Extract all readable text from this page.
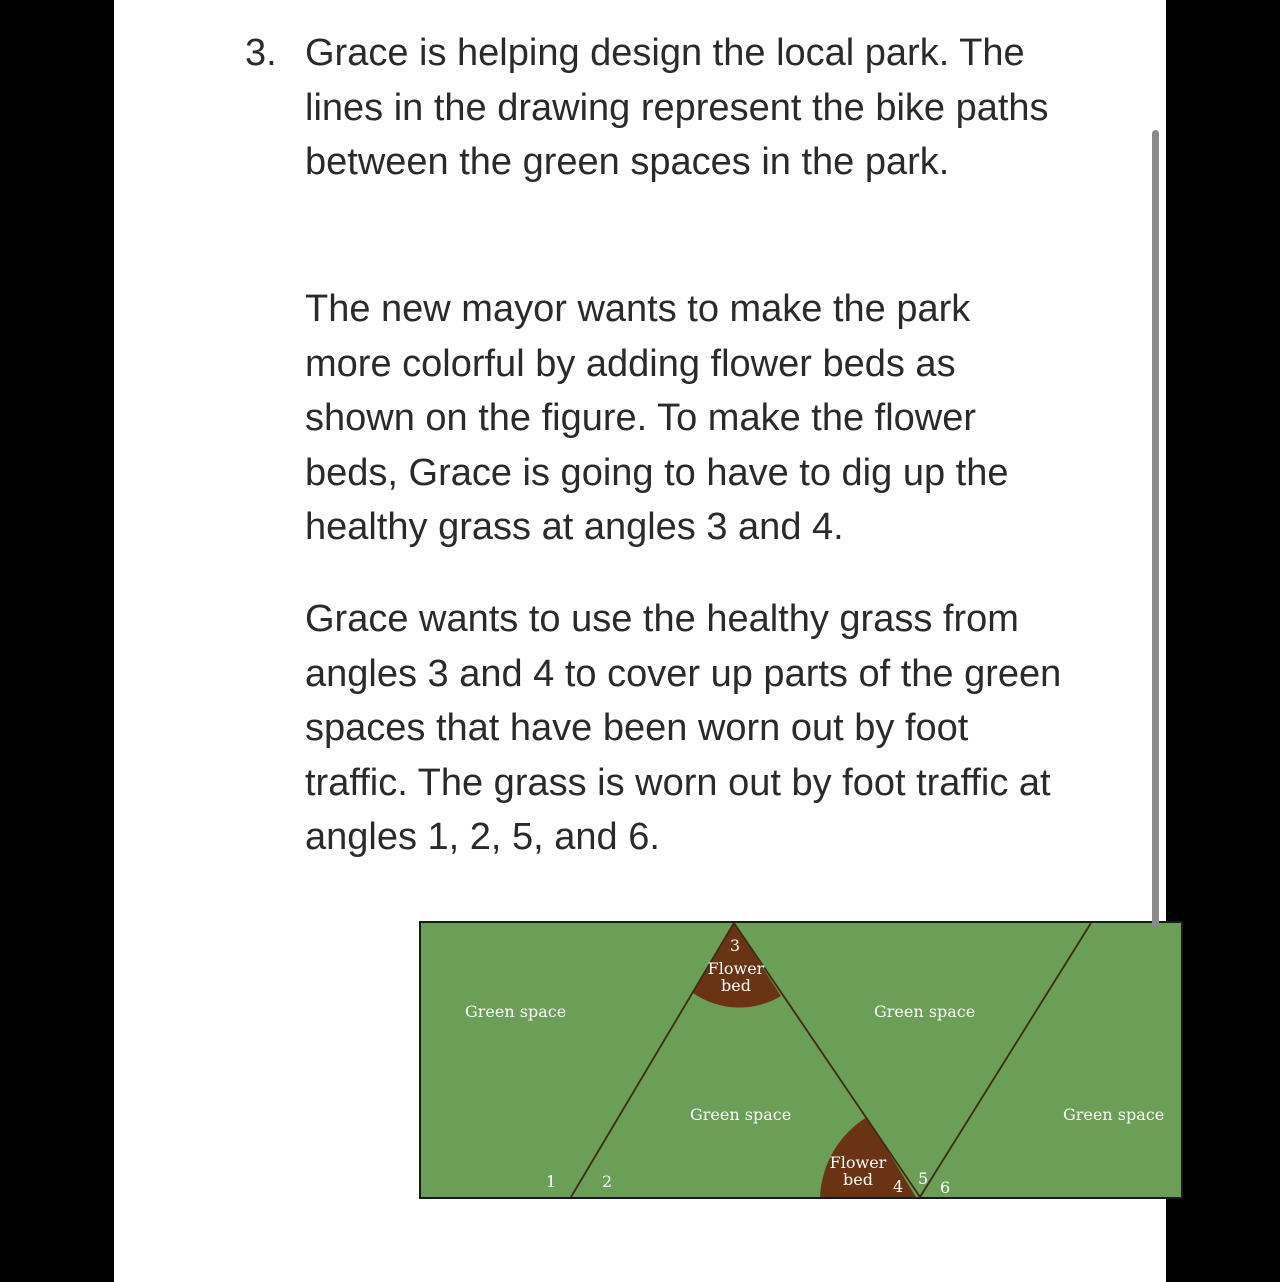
3. Grace is helping design the local park. The lines in the drawing represent the bike paths between the green spaces in the park.

The new mayor wants to make the park more colorful by adding flower beds as shown on the figure. To make the flower beds, Grace is going to have to dig up the healthy grass at angles 3 and 4.

Grace wants to use the healthy grass from angles 3 and 4 to cover up parts of the green spaces that have been worn out by foot traffic. The grass is worn out by foot traffic at angles 1, 2, 5, and 6.

Green space	Green space
Green space	Green space
Flower
bed
Flower
bed
1	2
3
4 5 6
